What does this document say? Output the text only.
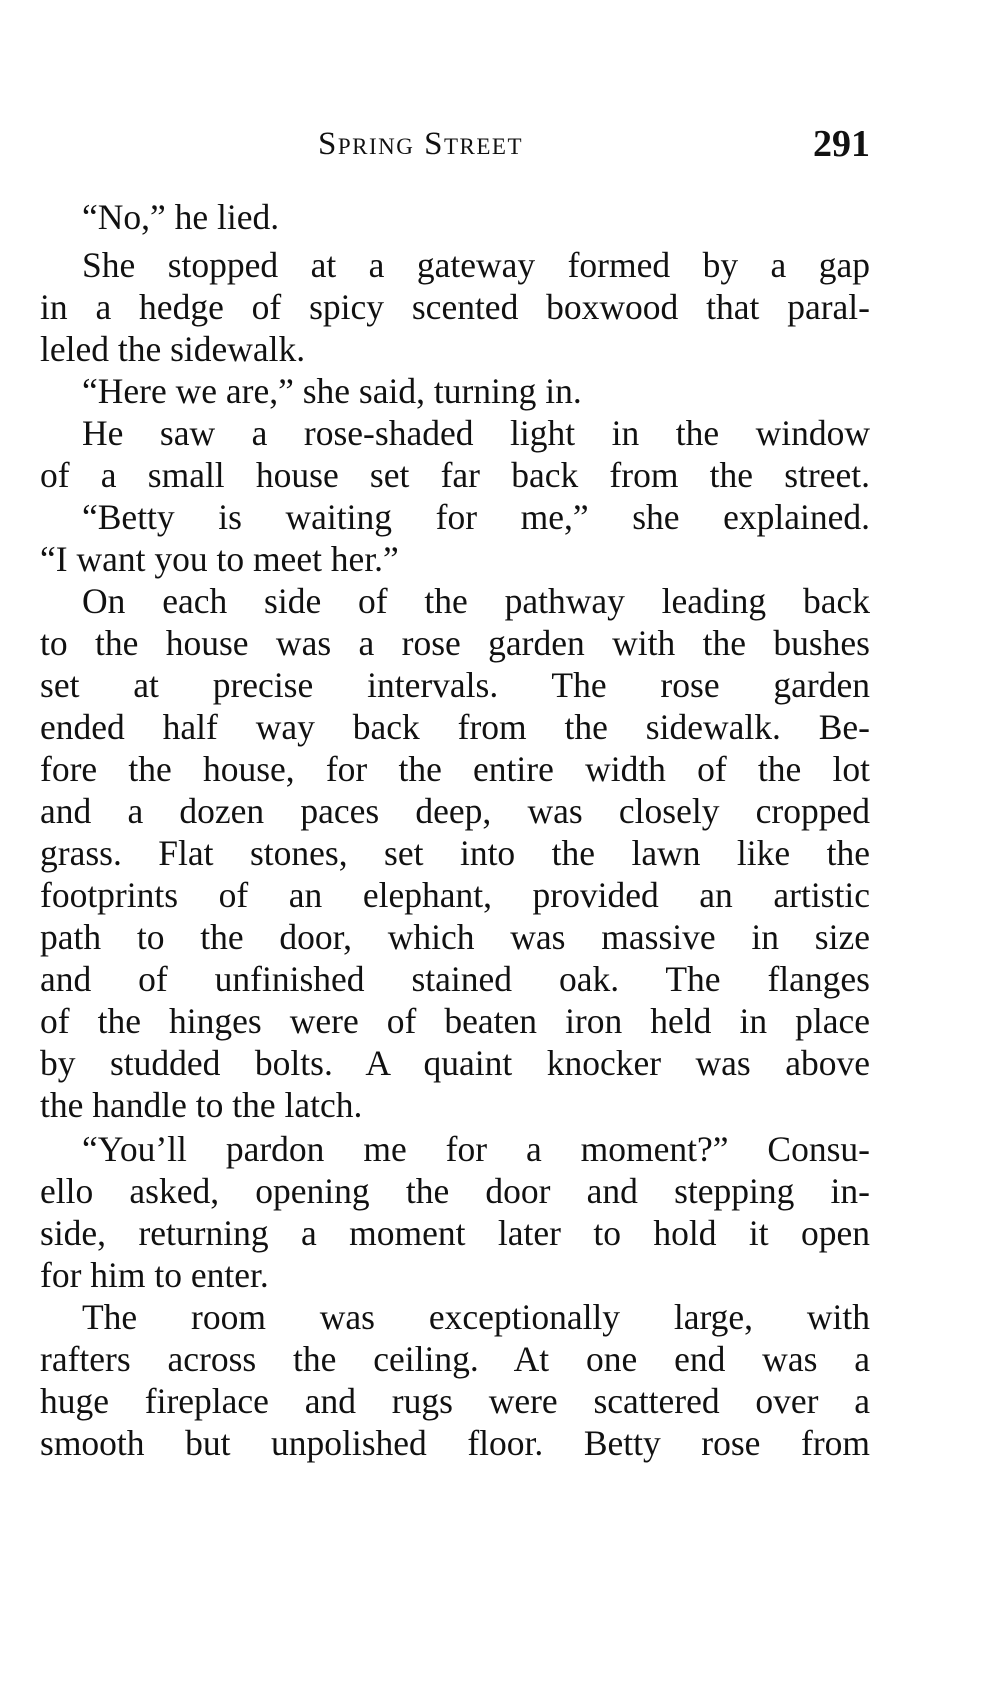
Spring Street	291
“No,” he lied.
She stopped at a gateway formed by a gap
in a hedge of spicy scented boxwood that paral-
leled the sidewalk.
“Here we are,” she said, turning in.
He saw a rose-shaded light in the window
of a small house set far back from the street.
“Betty is waiting for me,” she explained.
“I want you to meet her.”
On each side of the pathway leading back
to the house was a rose garden with the bushes
set at precise intervals. The rose garden
ended half way back from the sidewalk. Be-
fore the house, for the entire width of the lot
and a dozen paces deep, was closely cropped
grass. Flat stones, set into the lawn like the
footprints of an elephant, provided an artistic
path to the door, which was massive in size
and of unfinished stained oak. The flanges
of the hinges were of beaten iron held in place
by studded bolts. A quaint knocker was above
the handle to the latch.
“You’ll pardon me for a moment?” Consu-
ello asked, opening the door and stepping in-
side, returning a moment later to hold it open
for him to enter.
The room was exceptionally large, with
rafters across the ceiling. At one end was a
huge fireplace and rugs were scattered over a
smooth but unpolished floor. Betty rose from
